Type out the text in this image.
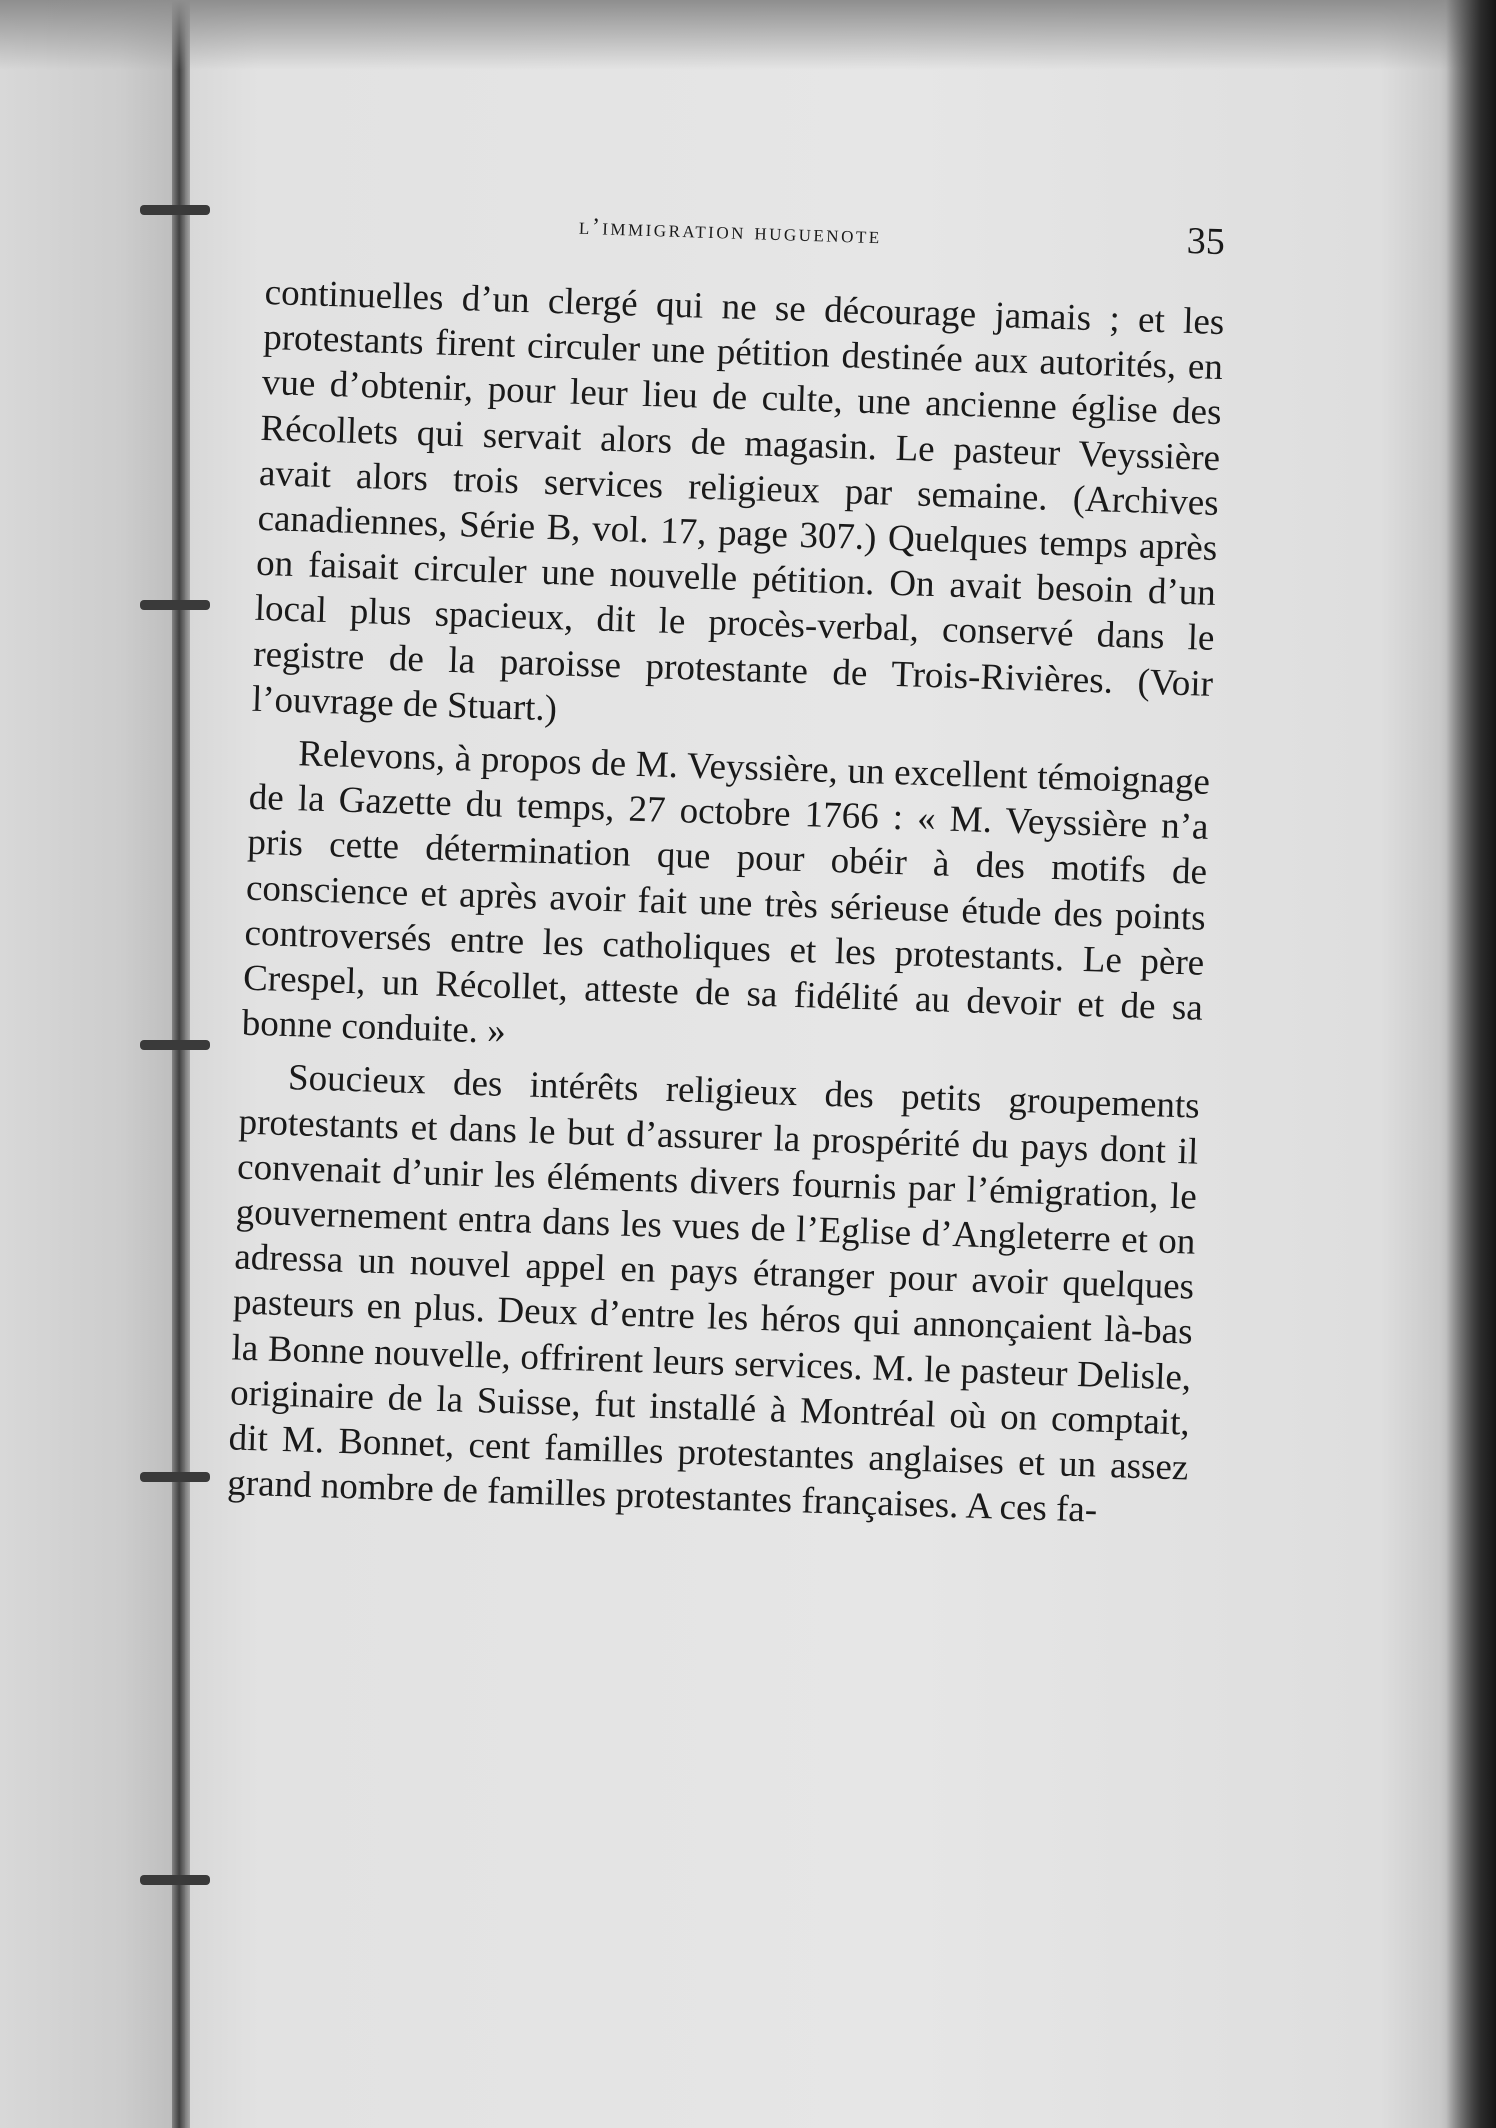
l’immigration huguenote	35

continuelles d’un clergé qui ne se décourage jamais ; et les protestants firent circuler une pétition destinée aux autorités, en vue d’obtenir, pour leur lieu de culte, une ancienne église des Récollets qui servait alors de magasin. Le pasteur Veyssière avait alors trois services religieux par semaine. (Archives canadiennes, Série B, vol. 17, page 307.) Quelques temps après on faisait circuler une nouvelle pétition. On avait besoin d’un local plus spacieux, dit le procès-verbal, conservé dans le registre de la paroisse protestante de Trois-Rivières. (Voir l’ouvrage de Stuart.)

Relevons, à propos de M. Veyssière, un excellent témoignage de la Gazette du temps, 27 octobre 1766 : « M. Veyssière n’a pris cette détermination que pour obéir à des motifs de conscience et après avoir fait une très sérieuse étude des points controversés entre les catholiques et les protestants. Le père Crespel, un Récollet, atteste de sa fidélité au devoir et de sa bonne conduite. »

Soucieux des intérêts religieux des petits groupements protestants et dans le but d’assurer la prospérité du pays dont il convenait d’unir les éléments divers fournis par l’émigration, le gouvernement entra dans les vues de l’Eglise d’Angleterre et on adressa un nouvel appel en pays étranger pour avoir quelques pasteurs en plus. Deux d’entre les héros qui annonçaient là-bas la Bonne nouvelle, offrirent leurs services. M. le pasteur Delisle, originaire de la Suisse, fut installé à Montréal où on comptait, dit M. Bonnet, cent familles protestantes anglaises et un assez grand nombre de familles protestantes françaises. A ces fa-
